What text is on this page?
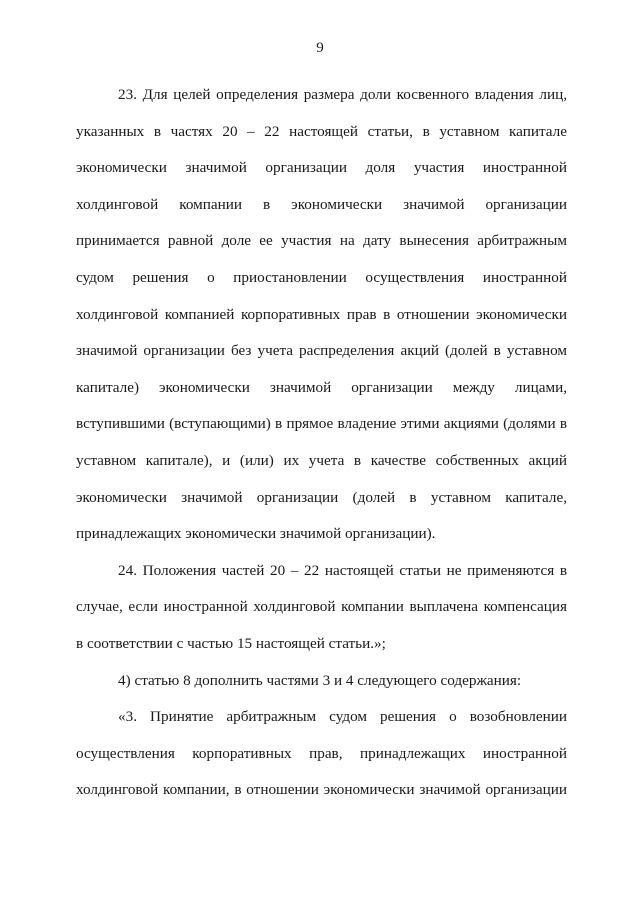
9

23. Для целей определения размера доли косвенного владения лиц,
указанных в частях 20 – 22 настоящей статьи, в уставном капитале
экономически значимой организации доля участия иностранной
холдинговой компании в экономически значимой организации
принимается равной доле ее участия на дату вынесения арбитражным
судом решения о приостановлении осуществления иностранной
холдинговой компанией корпоративных прав в отношении экономически
значимой организации без учета распределения акций (долей в уставном
капитале) экономически значимой организации между лицами,
вступившими (вступающими) в прямое владение этими акциями (долями в
уставном капитале), и (или) их учета в качестве собственных акций
экономически значимой организации (долей в уставном капитале,
принадлежащих экономически значимой организации).

24. Положения частей 20 – 22 настоящей статьи не применяются в
случае, если иностранной холдинговой компании выплачена компенсация
в соответствии с частью 15 настоящей статьи.»;

4) статью 8 дополнить частями 3 и 4 следующего содержания:

«3. Принятие арбитражным судом решения о возобновлении
осуществления корпоративных прав, принадлежащих иностранной
холдинговой компании, в отношении экономически значимой организации
